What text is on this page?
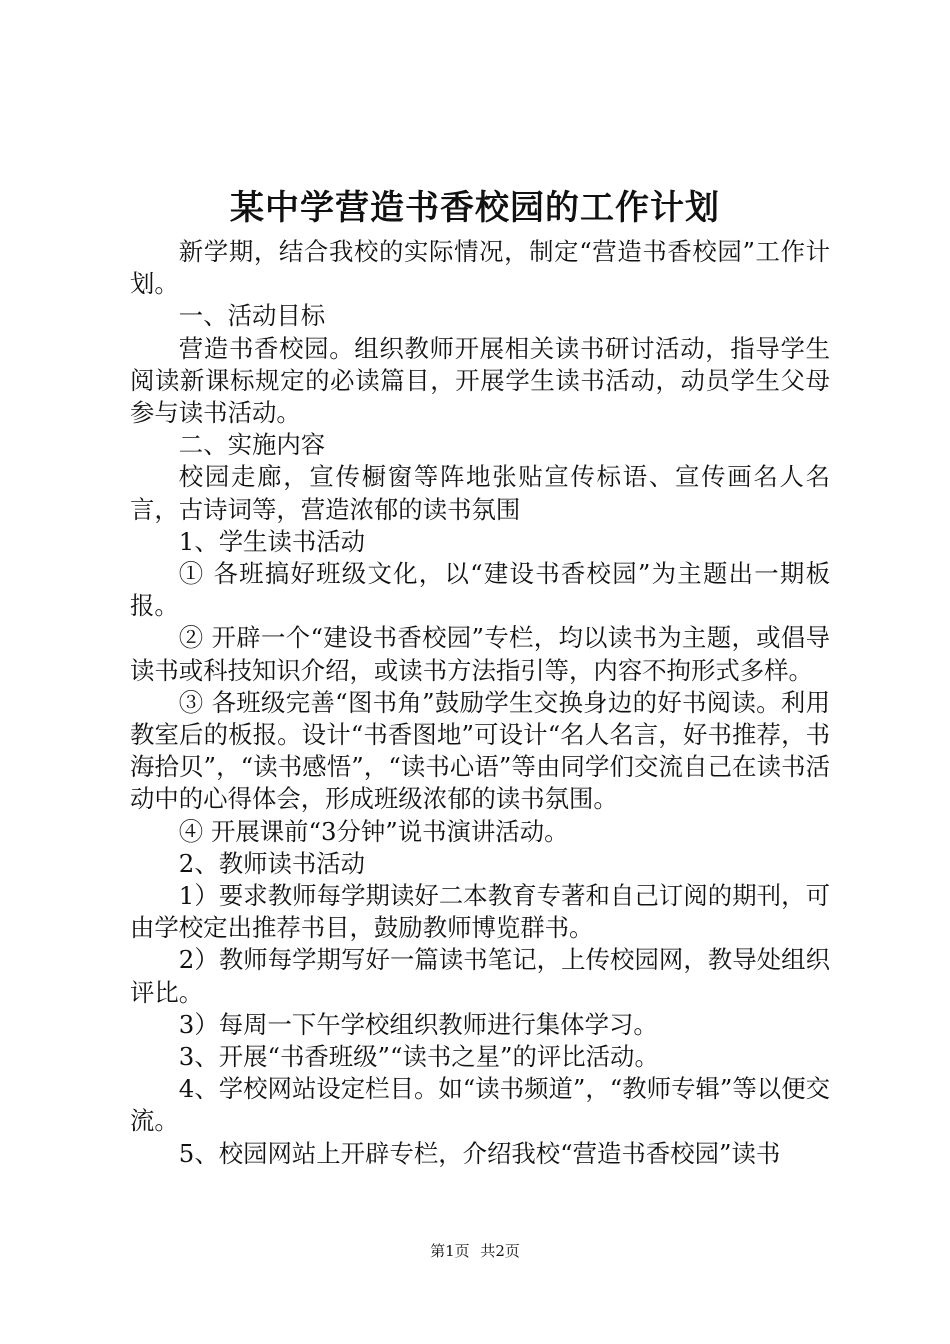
某中学营造书香校园的工作计划

新学期，结合我校的实际情况，制定“营造书香校园”工作计划。

一、活动目标

营造书香校园。组织教师开展相关读书研讨活动，指导学生阅读新课标规定的必读篇目，开展学生读书活动，动员学生父母参与读书活动。

二、实施内容

校园走廊，宣传橱窗等阵地张贴宣传标语、宣传画名人名言，古诗词等，营造浓郁的读书氛围

1、学生读书活动

① 各班搞好班级文化，以“建设书香校园”为主题出一期板报。

② 开辟一个“建设书香校园”专栏，均以读书为主题，或倡导读书或科技知识介绍，或读书方法指引等，内容不拘形式多样。

③ 各班级完善“图书角”鼓励学生交换身边的好书阅读。利用教室后的板报。设计“书香图地”可设计“名人名言，好书推荐，书海拾贝”，“读书感悟”，“读书心语”等由同学们交流自己在读书活动中的心得体会，形成班级浓郁的读书氛围。

④ 开展课前“3分钟”说书演讲活动。

2、教师读书活动

1）要求教师每学期读好二本教育专著和自己订阅的期刊，可由学校定出推荐书目，鼓励教师博览群书。

2）教师每学期写好一篇读书笔记，上传校园网，教导处组织评比。

3）每周一下午学校组织教师进行集体学习。

3、开展“书香班级”“读书之星”的评比活动。

4、学校网站设定栏目。如“读书频道”，“教师专辑”等以便交流。

5、校园网站上开辟专栏，介绍我校“营造书香校园”读书

第1页 共2页
